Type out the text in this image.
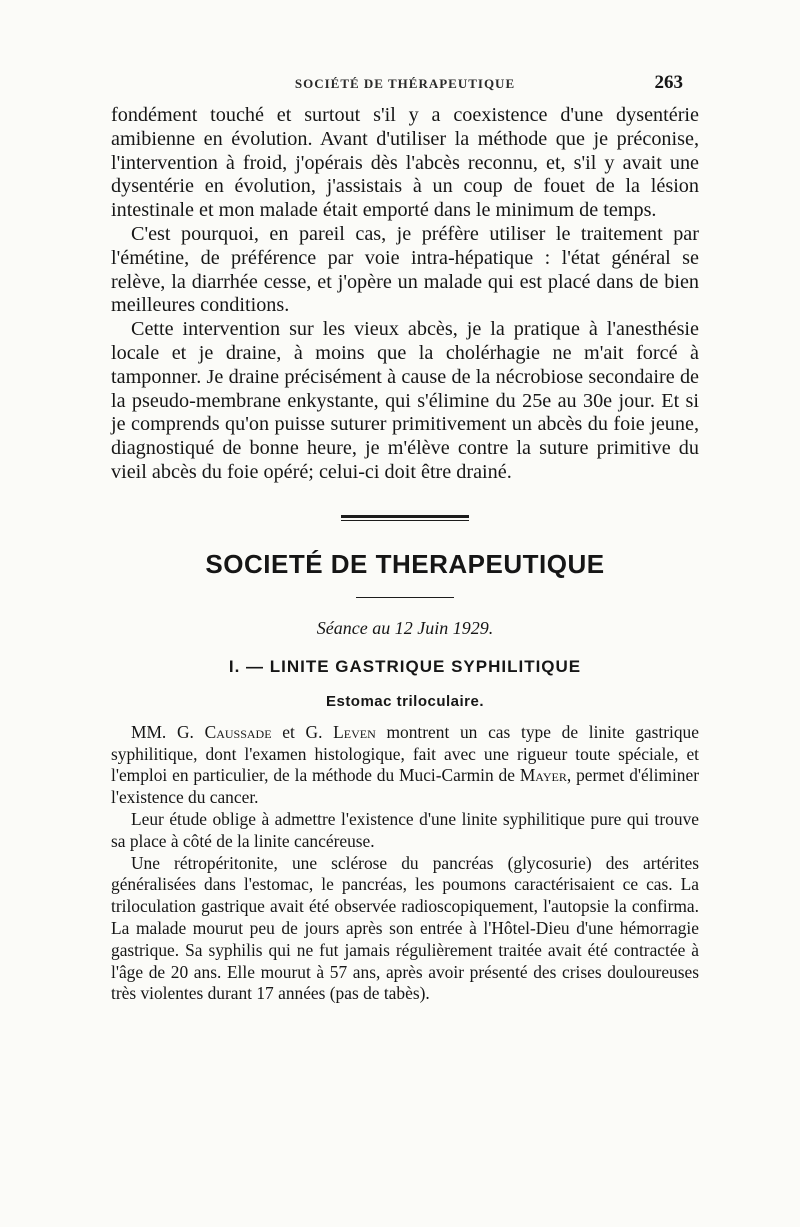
SOCIÉTÉ DE THÉRAPEUTIQUE	263

fondément touché et surtout s'il y a coexistence d'une dysentérie amibienne en évolution. Avant d'utiliser la méthode que je préconise, l'intervention à froid, j'opérais dès l'abcès reconnu, et, s'il y avait une dysentérie en évolution, j'assistais à un coup de fouet de la lésion intestinale et mon malade était emporté dans le minimum de temps.

C'est pourquoi, en pareil cas, je préfère utiliser le traitement par l'émétine, de préférence par voie intra-hépatique : l'état général se relève, la diarrhée cesse, et j'opère un malade qui est placé dans de bien meilleures conditions.

Cette intervention sur les vieux abcès, je la pratique à l'anesthésie locale et je draine, à moins que la cholérhagie ne m'ait forcé à tamponner. Je draine précisément à cause de la nécrobiose secondaire de la pseudo-membrane enkystante, qui s'élimine du 25e au 30e jour. Et si je comprends qu'on puisse suturer primitivement un abcès du foie jeune, diagnostiqué de bonne heure, je m'élève contre la suture primitive du vieil abcès du foie opéré; celui-ci doit être drainé.

SOCIETÉ DE THERAPEUTIQUE
Séance au 12 Juin 1929.
I. — LINITE GASTRIQUE SYPHILITIQUE
Estomac triloculaire.

MM. G. Caussade et G. Leven montrent un cas type de linite gastrique syphilitique, dont l'examen histologique, fait avec une rigueur toute spéciale, et l'emploi en particulier, de la méthode du Muci-Carmin de Mayer, permet d'éliminer l'existence du cancer.

Leur étude oblige à admettre l'existence d'une linite syphilitique pure qui trouve sa place à côté de la linite cancéreuse.

Une rétropéritonite, une sclérose du pancréas (glycosurie) des artérites généralisées dans l'estomac, le pancréas, les poumons caractérisaient ce cas. La triloculation gastrique avait été observée radioscopiquement, l'autopsie la confirma. La malade mourut peu de jours après son entrée à l'Hôtel-Dieu d'une hémorragie gastrique. Sa syphilis qui ne fut jamais régulièrement traitée avait été contractée à l'âge de 20 ans. Elle mourut à 57 ans, après avoir présenté des crises douloureuses très violentes durant 17 années (pas de tabès).
